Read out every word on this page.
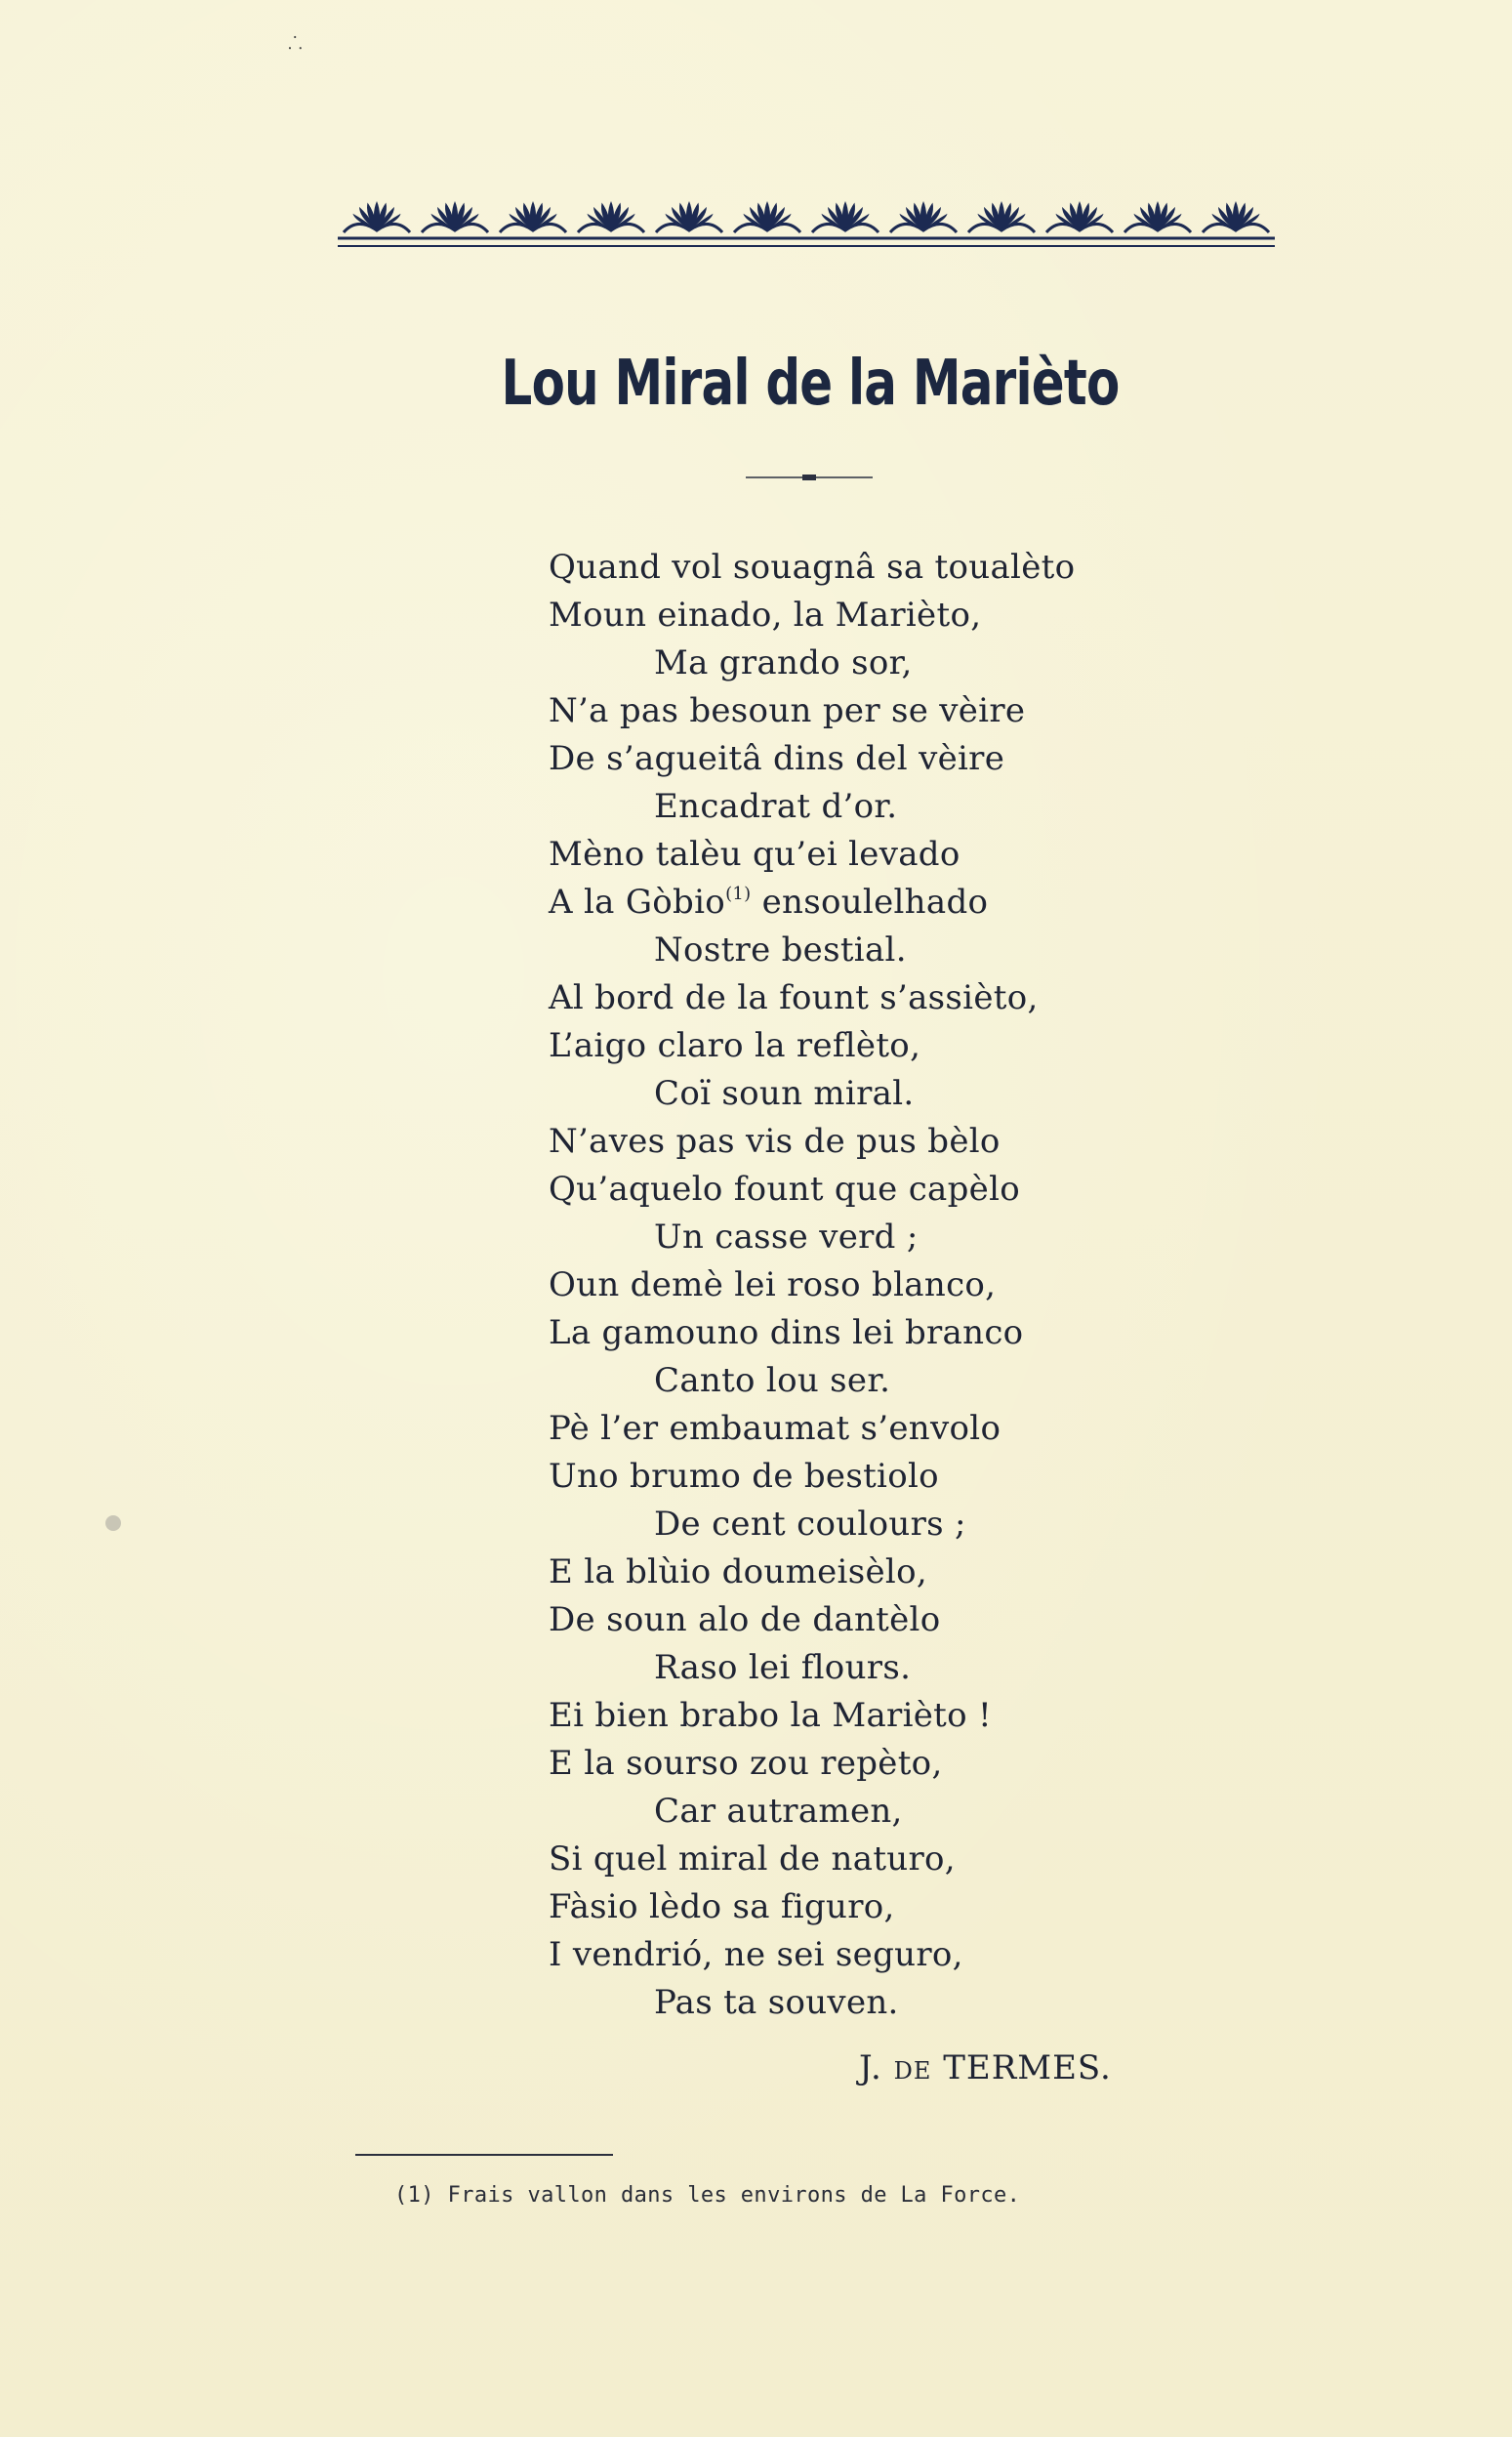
⸫
Lou Miral de la Marièto
Quand vol souagnâ sa toualèto
Moun einado, la Marièto,
Ma grando sor,
N’a pas besoun per se vèire
De s’agueitâ dins del vèire
Encadrat d’or.
Mèno talèu qu’ei levado
A la Gòbio$^{(1)}$ ensoulelhado
Nostre bestial.
Al bord de la fount s’assièto,
L’aigo claro la reflèto,
Coï soun miral.
N’aves pas vis de pus bèlo
Qu’aquelo fount que capèlo
Un casse verd ;
Oun demè lei roso blanco,
La gamouno dins lei branco
Canto lou ser.
Pè l’er embaumat s’envolo
Uno brumo de bestiolo
De cent coulours ;
E la blùio doumeisèlo,
De soun alo de dantèlo
Raso lei flours.
Ei bien brabo la Marièto !
E la sourso zou repèto,
Car autramen,
Si quel miral de naturo,
Fàsio lèdo sa figuro,
I vendrió, ne sei seguro,
Pas ta souven.
J. DE TERMES.
(1) Frais vallon dans les environs de La Force.
